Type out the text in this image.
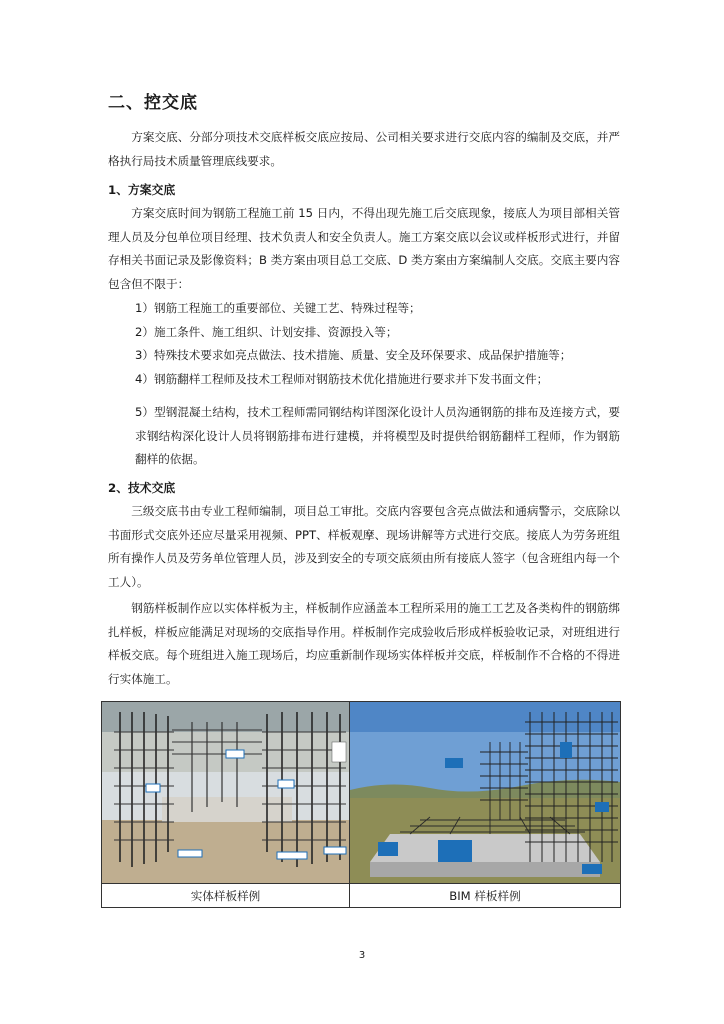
二、控交底

方案交底、分部分项技术交底样板交底应按局、公司相关要求进行交底内容的编制及交底，并严格执行局技术质量管理底线要求。

1、方案交底

方案交底时间为钢筋工程施工前 15 日内，不得出现先施工后交底现象，接底人为项目部相关管理人员及分包单位项目经理、技术负责人和安全负责人。施工方案交底以会议或样板形式进行，并留存相关书面记录及影像资料；B 类方案由项目总工交底、D 类方案由方案编制人交底。交底主要内容包含但不限于：

1）钢筋工程施工的重要部位、关键工艺、特殊过程等；

2）施工条件、施工组织、计划安排、资源投入等；

3）特殊技术要求如亮点做法、技术措施、质量、安全及环保要求、成品保护措施等；

4）钢筋翻样工程师及技术工程师对钢筋技术优化措施进行要求并下发书面文件；

5）型钢混凝土结构，技术工程师需同钢结构详图深化设计人员沟通钢筋的排布及连接方式，要求钢结构深化设计人员将钢筋排布进行建模，并将模型及时提供给钢筋翻样工程师，作为钢筋翻样的依据。

2、技术交底

三级交底书由专业工程师编制，项目总工审批。交底内容要包含亮点做法和通病警示，交底除以书面形式交底外还应尽量采用视频、PPT、样板观摩、现场讲解等方式进行交底。接底人为劳务班组所有操作人员及劳务单位管理人员，涉及到安全的专项交底须由所有接底人签字（包含班组内每一个工人）。

钢筋样板制作应以实体样板为主，样板制作应涵盖本工程所采用的施工工艺及各类构件的钢筋绑扎样板，样板应能满足对现场的交底指导作用。样板制作完成验收后形成样板验收记录，对班组进行样板交底。每个班组进入施工现场后，均应重新制作现场实体样板并交底，样板制作不合格的不得进行实体施工。

实体样板样例	BIM 样板样例
3
